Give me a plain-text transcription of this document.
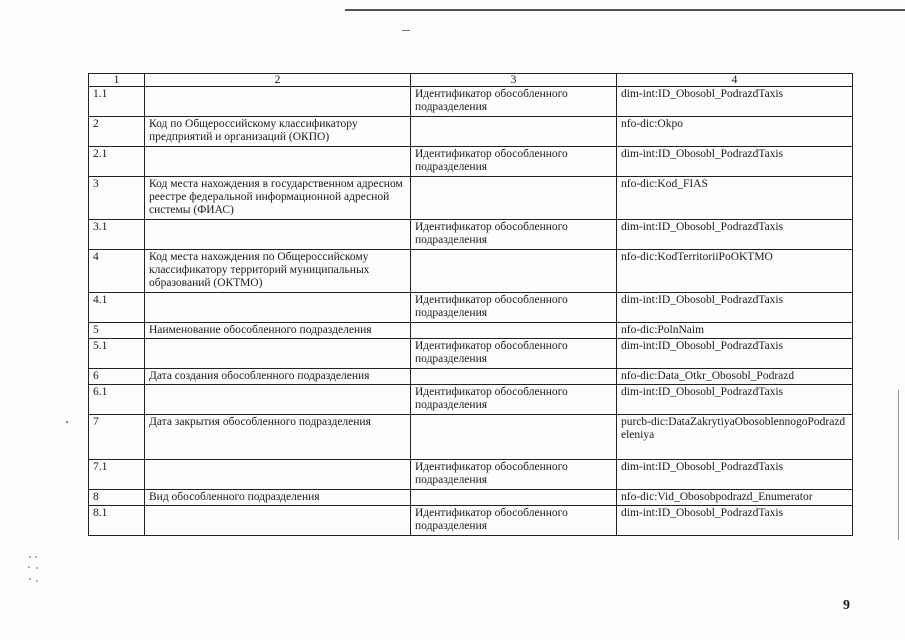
1	2	3	4
1.1		Идентификатор обособленного подразделения	dim-int:ID_Obosobl_PodrazdTaxis
2	Код по Общероссийскому классификатору предприятий и организаций (ОКПО)		nfo-dic:Okpo
2.1		Идентификатор обособленного подразделения	dim-int:ID_Obosobl_PodrazdTaxis
3	Код места нахождения в государственном адресном реестре федеральной информационной адресной системы (ФИАС)		nfo-dic:Kod_FIAS
3.1		Идентификатор обособленного подразделения	dim-int:ID_Obosobl_PodrazdTaxis
4	Код места нахождения по Общероссийскому классификатору территорий муниципальных образований (ОКТМО)		nfo-dic:KodTerritoriiPoOKTMO
4.1		Идентификатор обособленного подразделения	dim-int:ID_Obosobl_PodrazdTaxis
5	Наименование обособленного подразделения		nfo-dic:PolnNaim
5.1		Идентификатор обособленного подразделения	dim-int:ID_Obosobl_PodrazdTaxis
6	Дата создания обособленного подразделения		nfo-dic:Data_Otkr_Obosobl_Podrazd
6.1		Идентификатор обособленного подразделения	dim-int:ID_Obosobl_PodrazdTaxis
7	Дата закрытия обособленного подразделения		purcb-dic:DataZakrytiyaObosoblennogoPodrazdeleniya
7.1		Идентификатор обособленного подразделения	dim-int:ID_Obosobl_PodrazdTaxis
8	Вид обособленного подразделения		nfo-dic:Vid_Obosobpodrazd_Enumerator
8.1		Идентификатор обособленного подразделения	dim-int:ID_Obosobl_PodrazdTaxis
9
